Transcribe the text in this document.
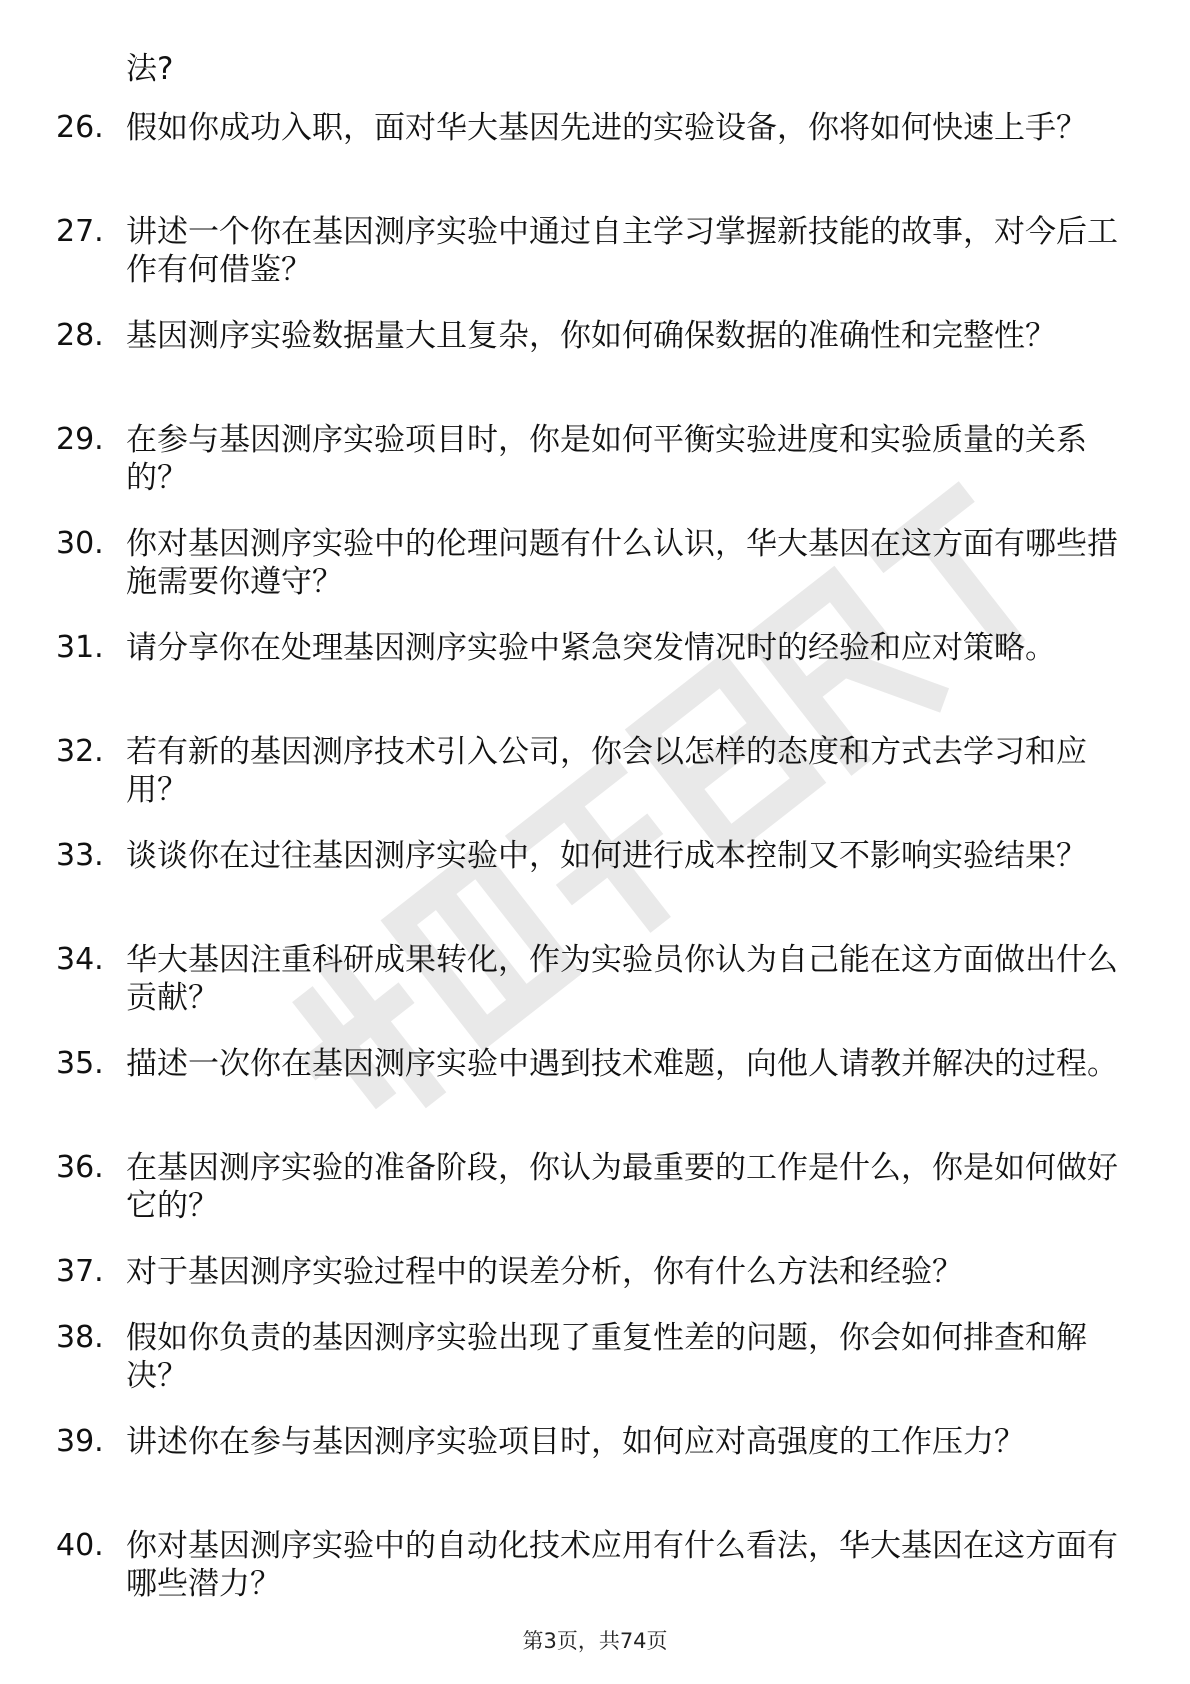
法?
26. 假如你成功入职，面对华大基因先进的实验设备，你将如何快速上手？
27. 讲述一个你在基因测序实验中通过自主学习掌握新技能的故事，对今后工作有何借鉴？
28. 基因测序实验数据量大且复杂，你如何确保数据的准确性和完整性？
29. 在参与基因测序实验项目时，你是如何平衡实验进度和实验质量的关系的？
30. 你对基因测序实验中的伦理问题有什么认识，华大基因在这方面有哪些措施需要你遵守？
31. 请分享你在处理基因测序实验中紧急突发情况时的经验和应对策略。
32. 若有新的基因测序技术引入公司，你会以怎样的态度和方式去学习和应用？
33. 谈谈你在过往基因测序实验中，如何进行成本控制又不影响实验结果？
34. 华大基因注重科研成果转化，作为实验员你认为自己能在这方面做出什么贡献？
35. 描述一次你在基因测序实验中遇到技术难题，向他人请教并解决的过程。
36. 在基因测序实验的准备阶段，你认为最重要的工作是什么，你是如何做好它的？
37. 对于基因测序实验过程中的误差分析，你有什么方法和经验？
38. 假如你负责的基因测序实验出现了重复性差的问题，你会如何排查和解决？
39. 讲述你在参与基因测序实验项目时，如何应对高强度的工作压力？
40. 你对基因测序实验中的自动化技术应用有什么看法，华大基因在这方面有哪些潜力？
第3页，共74页
